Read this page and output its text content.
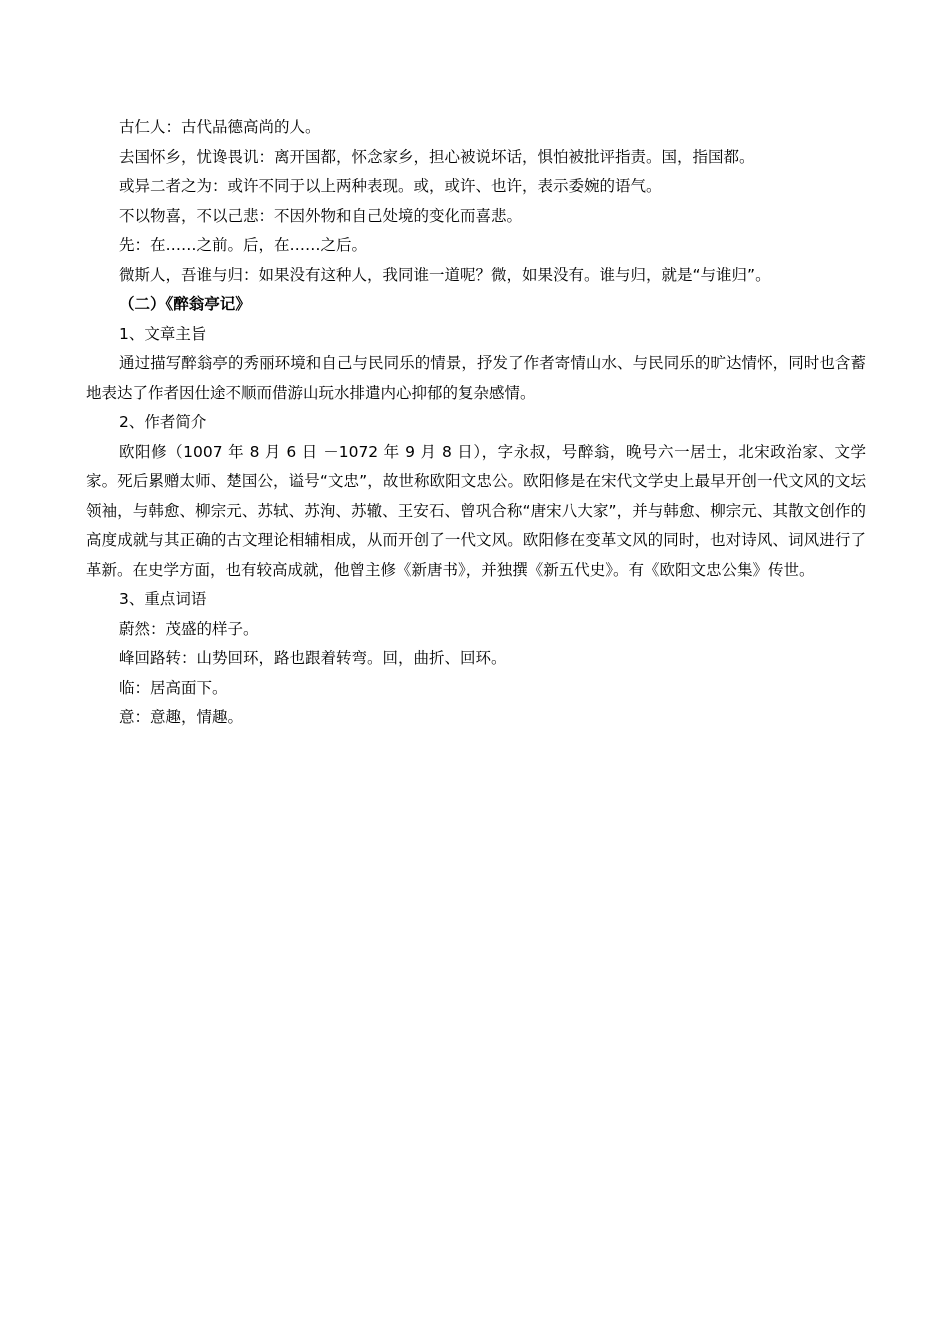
古仁人：古代品德高尚的人。

去国怀乡，忧谗畏讥：离开国都，怀念家乡，担心被说坏话，惧怕被批评指责。国，指国都。

或异二者之为：或许不同于以上两种表现。或，或许、也许，表示委婉的语气。

不以物喜，不以己悲：不因外物和自己处境的变化而喜悲。

先：在……之前。后，在……之后。

微斯人，吾谁与归：如果没有这种人，我同谁一道呢？微，如果没有。谁与归，就是“与谁归”。

（二）《醉翁亭记》

1、文章主旨

通过描写醉翁亭的秀丽环境和自己与民同乐的情景，抒发了作者寄情山水、与民同乐的旷达情怀，同时也含蓄地表达了作者因仕途不顺而借游山玩水排遣内心抑郁的复杂感情。

2、作者简介

欧阳修（1007 年 8 月 6 日 －1072 年 9 月 8 日），字永叔，号醉翁，晚号六一居士，北宋政治家、文学家。死后累赠太师、楚国公，谥号“文忠”，故世称欧阳文忠公。欧阳修是在宋代文学史上最早开创一代文风的文坛领袖，与韩愈、柳宗元、苏轼、苏洵、苏辙、王安石、曾巩合称“唐宋八大家”，并与韩愈、柳宗元、其散文创作的高度成就与其正确的古文理论相辅相成，从而开创了一代文风。欧阳修在变革文风的同时，也对诗风、词风进行了革新。在史学方面，也有较高成就，他曾主修《新唐书》，并独撰《新五代史》。有《欧阳文忠公集》传世。

3、重点词语

蔚然：茂盛的样子。

峰回路转：山势回环，路也跟着转弯。回，曲折、回环。

临：居高面下。

意：意趣，情趣。
